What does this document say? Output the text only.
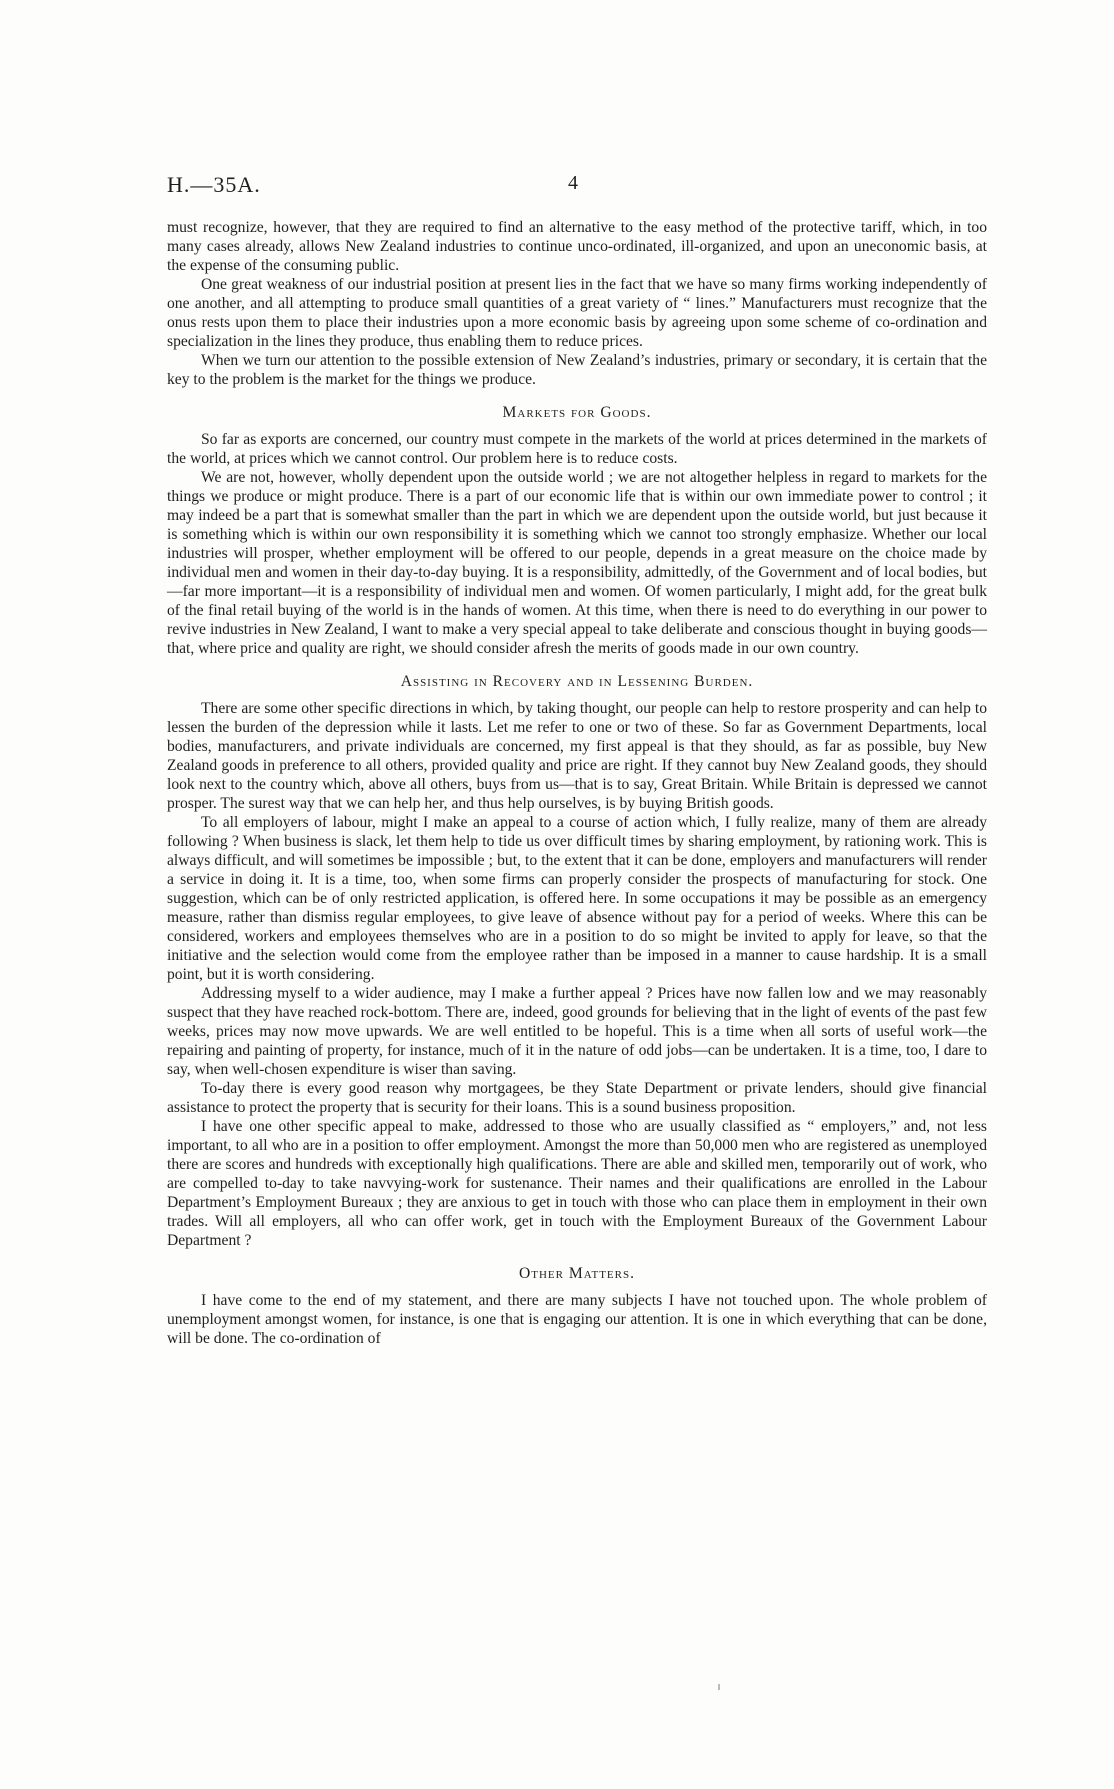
H.—35A.	4

must recognize, however, that they are required to find an alternative to the easy method of the protective tariff, which, in too many cases already, allows New Zealand industries to continue unco-ordinated, ill-organized, and upon an uneconomic basis, at the expense of the consuming public.

One great weakness of our industrial position at present lies in the fact that we have so many firms working independently of one another, and all attempting to produce small quantities of a great variety of “ lines.” Manufacturers must recognize that the onus rests upon them to place their industries upon a more economic basis by agreeing upon some scheme of co-ordination and specialization in the lines they produce, thus enabling them to reduce prices.

When we turn our attention to the possible extension of New Zealand’s industries, primary or secondary, it is certain that the key to the problem is the market for the things we produce.

Markets for Goods.

So far as exports are concerned, our country must compete in the markets of the world at prices determined in the markets of the world, at prices which we cannot control. Our problem here is to reduce costs.

We are not, however, wholly dependent upon the outside world ; we are not altogether helpless in regard to markets for the things we produce or might produce. There is a part of our economic life that is within our own immediate power to control ; it may indeed be a part that is somewhat smaller than the part in which we are dependent upon the outside world, but just because it is something which is within our own responsibility it is something which we cannot too strongly emphasize. Whether our local industries will prosper, whether employment will be offered to our people, depends in a great measure on the choice made by individual men and women in their day-to-day buying. It is a responsibility, admittedly, of the Government and of local bodies, but—far more important—it is a responsibility of individual men and women. Of women particularly, I might add, for the great bulk of the final retail buying of the world is in the hands of women. At this time, when there is need to do everything in our power to revive industries in New Zealand, I want to make a very special appeal to take deliberate and conscious thought in buying goods—that, where price and quality are right, we should consider afresh the merits of goods made in our own country.

Assisting in Recovery and in Lessening Burden.

There are some other specific directions in which, by taking thought, our people can help to restore prosperity and can help to lessen the burden of the depression while it lasts. Let me refer to one or two of these. So far as Government Departments, local bodies, manufacturers, and private individuals are concerned, my first appeal is that they should, as far as possible, buy New Zealand goods in preference to all others, provided quality and price are right. If they cannot buy New Zealand goods, they should look next to the country which, above all others, buys from us—that is to say, Great Britain. While Britain is depressed we cannot prosper. The surest way that we can help her, and thus help ourselves, is by buying British goods.

To all employers of labour, might I make an appeal to a course of action which, I fully realize, many of them are already following ? When business is slack, let them help to tide us over difficult times by sharing employment, by rationing work. This is always difficult, and will sometimes be impossible ; but, to the extent that it can be done, employers and manufacturers will render a service in doing it. It is a time, too, when some firms can properly consider the prospects of manufacturing for stock. One suggestion, which can be of only restricted application, is offered here. In some occupations it may be possible as an emergency measure, rather than dismiss regular employees, to give leave of absence without pay for a period of weeks. Where this can be considered, workers and employees themselves who are in a position to do so might be invited to apply for leave, so that the initiative and the selection would come from the employee rather than be imposed in a manner to cause hardship. It is a small point, but it is worth considering.

Addressing myself to a wider audience, may I make a further appeal ? Prices have now fallen low and we may reasonably suspect that they have reached rock-bottom. There are, indeed, good grounds for believing that in the light of events of the past few weeks, prices may now move upwards. We are well entitled to be hopeful. This is a time when all sorts of useful work—the repairing and painting of property, for instance, much of it in the nature of odd jobs—can be undertaken. It is a time, too, I dare to say, when well-chosen expenditure is wiser than saving.

To-day there is every good reason why mortgagees, be they State Department or private lenders, should give financial assistance to protect the property that is security for their loans. This is a sound business proposition.

I have one other specific appeal to make, addressed to those who are usually classified as “ employers,” and, not less important, to all who are in a position to offer employment. Amongst the more than 50,000 men who are registered as unemployed there are scores and hundreds with exceptionally high qualifications. There are able and skilled men, temporarily out of work, who are compelled to-day to take navvying-work for sustenance. Their names and their qualifications are enrolled in the Labour Department’s Employment Bureaux ; they are anxious to get in touch with those who can place them in employment in their own trades. Will all employers, all who can offer work, get in touch with the Employment Bureaux of the Government Labour Department ?

Other Matters.

I have come to the end of my statement, and there are many subjects I have not touched upon. The whole problem of unemployment amongst women, for instance, is one that is engaging our attention. It is one in which everything that can be done, will be done. The co-ordination of
